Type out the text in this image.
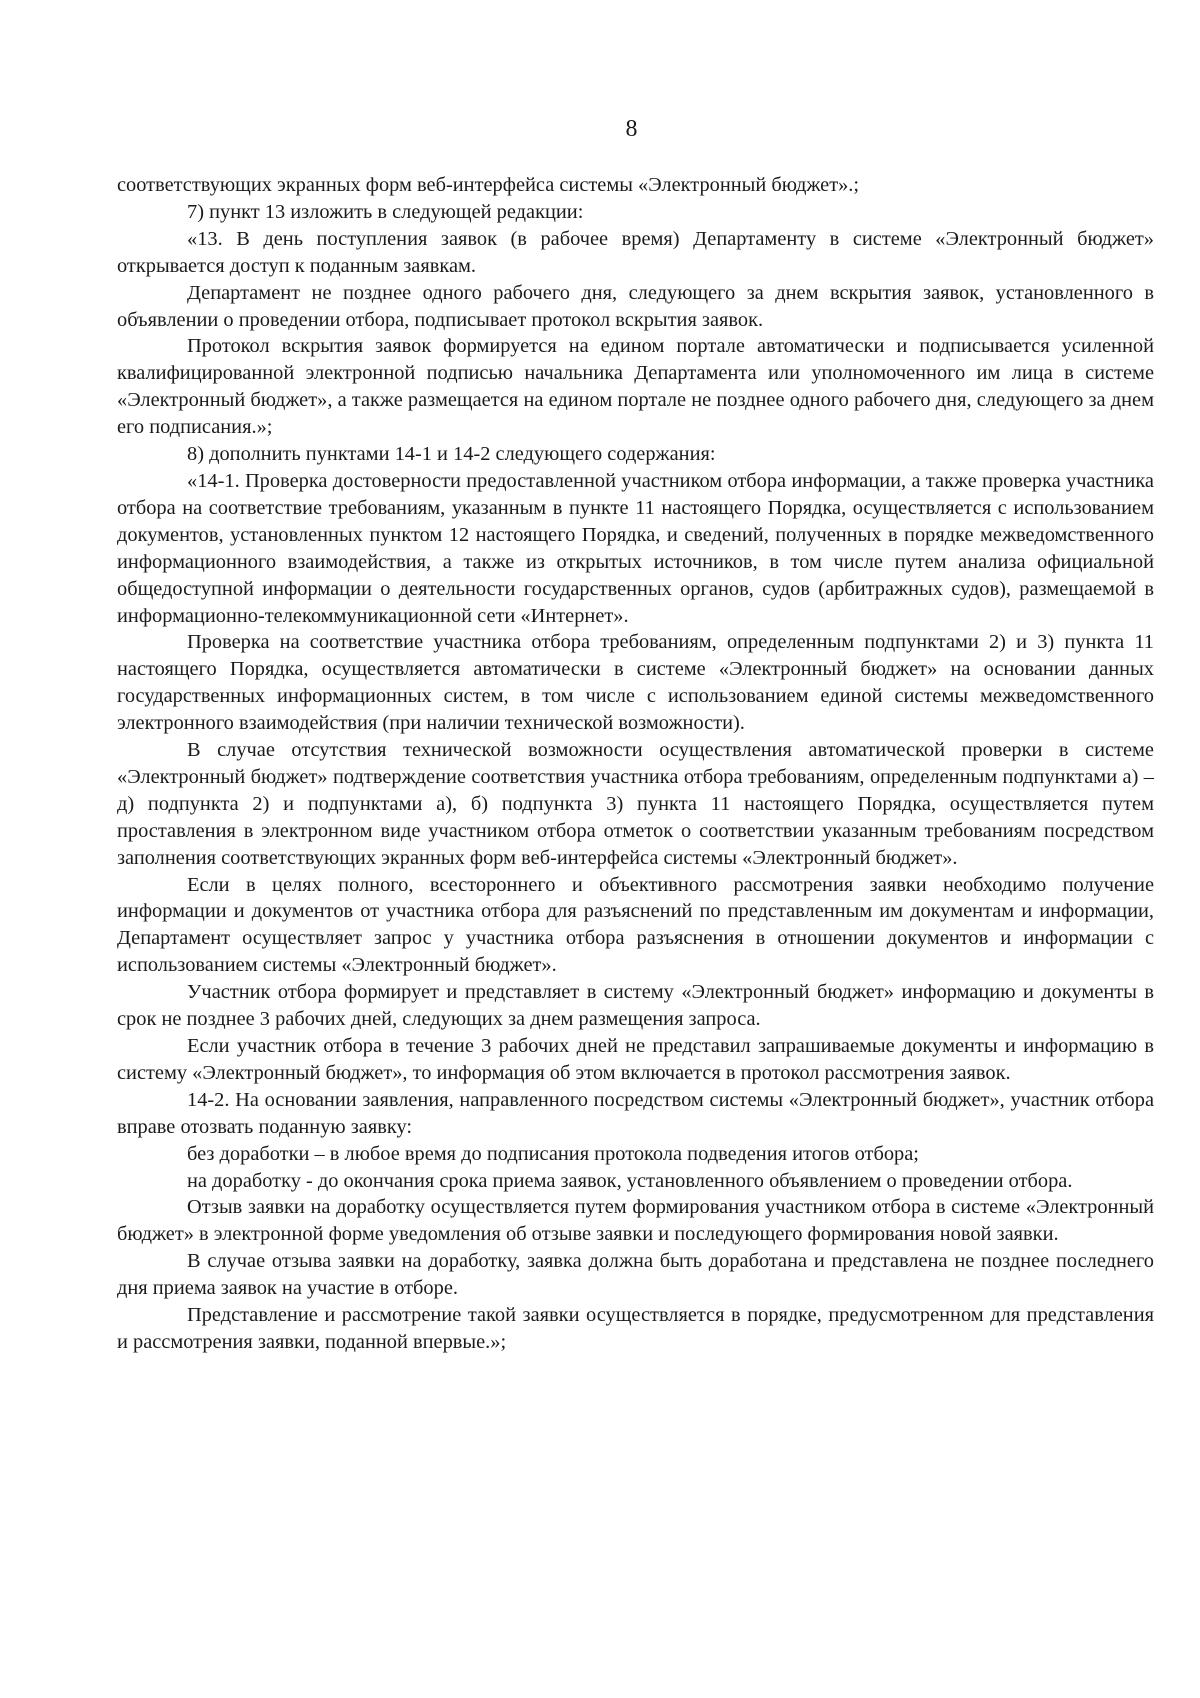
8

соответствующих экранных форм веб-интерфейса системы «Электронный бюджет».;

7) пункт 13 изложить в следующей редакции:

«13. В день поступления заявок (в рабочее время) Департаменту в системе «Электронный бюджет» открывается доступ к поданным заявкам.

Департамент не позднее одного рабочего дня, следующего за днем вскрытия заявок, установленного в объявлении о проведении отбора, подписывает протокол вскрытия заявок.

Протокол вскрытия заявок формируется на едином портале автоматически и подписывается усиленной квалифицированной электронной подписью начальника Департамента или уполномоченного им лица в системе «Электронный бюджет», а также размещается на едином портале не позднее одного рабочего дня, следующего за днем его подписания.»;

8) дополнить пунктами 14-1 и 14-2 следующего содержания:

«14-1. Проверка достоверности предоставленной участником отбора информации, а также проверка участника отбора на соответствие требованиям, указанным в пункте 11 настоящего Порядка, осуществляется с использованием документов, установленных пунктом 12 настоящего Порядка, и сведений, полученных в порядке межведомственного информационного взаимодействия, а также из открытых источников, в том числе путем анализа официальной общедоступной информации о деятельности государственных органов, судов (арбитражных судов), размещаемой в информационно-телекоммуникационной сети «Интернет».

Проверка на соответствие участника отбора требованиям, определенным подпунктами 2) и 3) пункта 11 настоящего Порядка, осуществляется автоматически в системе «Электронный бюджет» на основании данных государственных информационных систем, в том числе с использованием единой системы межведомственного электронного взаимодействия (при наличии технической возможности).

В случае отсутствия технической возможности осуществления автоматической проверки в системе «Электронный бюджет» подтверждение соответствия участника отбора требованиям, определенным подпунктами а) – д) подпункта 2) и подпунктами а), б) подпункта 3) пункта 11 настоящего Порядка, осуществляется путем проставления в электронном виде участником отбора отметок о соответствии указанным требованиям посредством заполнения соответствующих экранных форм веб-интерфейса системы «Электронный бюджет».

Если в целях полного, всестороннего и объективного рассмотрения заявки необходимо получение информации и документов от участника отбора для разъяснений по представленным им документам и информации, Департамент осуществляет запрос у участника отбора разъяснения в отношении документов и информации с использованием системы «Электронный бюджет».

Участник отбора формирует и представляет в систему «Электронный бюджет» информацию и документы в срок не позднее 3 рабочих дней, следующих за днем размещения запроса.

Если участник отбора в течение 3 рабочих дней не представил запрашиваемые документы и информацию в систему «Электронный бюджет», то информация об этом включается в протокол рассмотрения заявок.

14-2. На основании заявления, направленного посредством системы «Электронный бюджет», участник отбора вправе отозвать поданную заявку:

без доработки – в любое время до подписания протокола подведения итогов отбора;

на доработку - до окончания срока приема заявок, установленного объявлением о проведении отбора.

Отзыв заявки на доработку осуществляется путем формирования участником отбора в системе «Электронный бюджет» в электронной форме уведомления об отзыве заявки и последующего формирования новой заявки.

В случае отзыва заявки на доработку, заявка должна быть доработана и представлена не позднее последнего дня приема заявок на участие в отборе.

Представление и рассмотрение такой заявки осуществляется в порядке, предусмотренном для представления и рассмотрения заявки, поданной впервые.»;
